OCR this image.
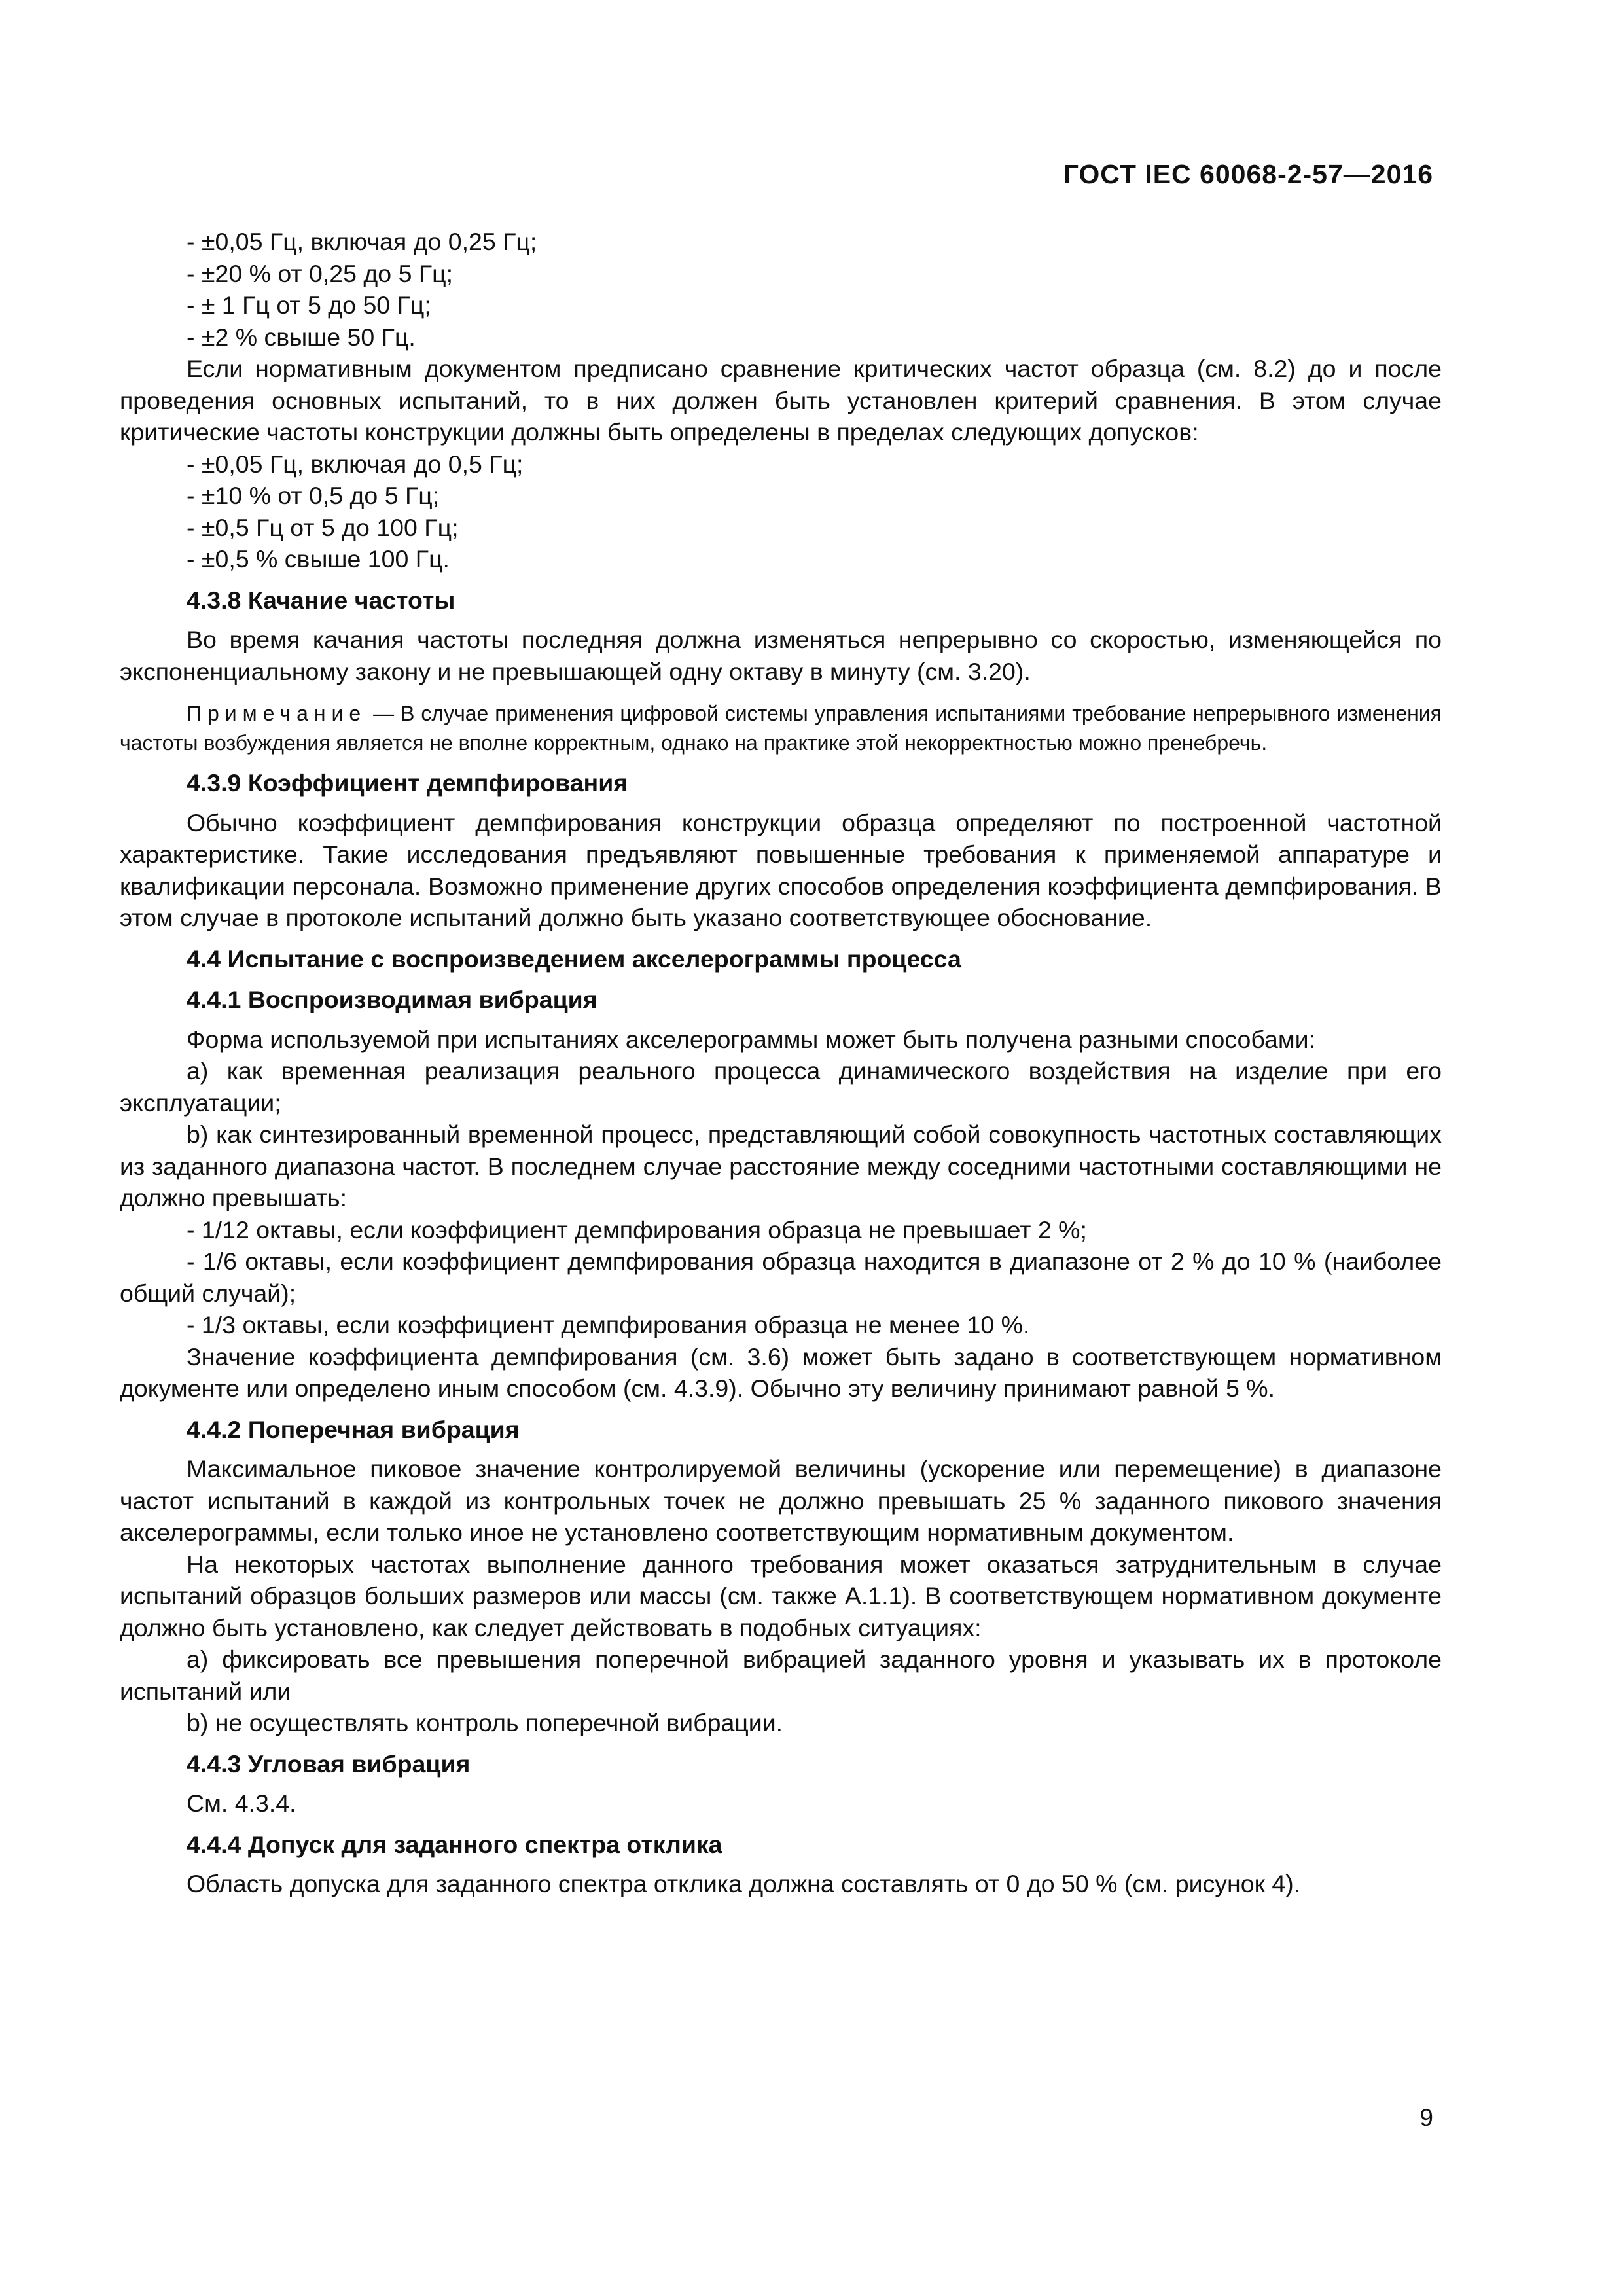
ГОСТ IEC 60068-2-57—2016

- ±0,05 Гц, включая до 0,25 Гц;

- ±20 % от 0,25 до 5 Гц;

- ± 1 Гц от 5 до 50 Гц;

- ±2 % свыше 50 Гц.

Если нормативным документом предписано сравнение критических частот образца (см. 8.2) до и после проведения основных испытаний, то в них должен быть установлен критерий сравнения. В этом случае критические частоты конструкции должны быть определены в пределах следующих допусков:

- ±0,05 Гц, включая до 0,5 Гц;

- ±10 % от 0,5 до 5 Гц;

- ±0,5 Гц от 5 до 100 Гц;

- ±0,5 % свыше 100 Гц.

4.3.8 Качание частоты

Во время качания частоты последняя должна изменяться непрерывно со скоростью, изменяющейся по экспоненциальному закону и не превышающей одну октаву в минуту (см. 3.20).

Примечание — В случае применения цифровой системы управления испытаниями требование непрерывного изменения частоты возбуждения является не вполне корректным, однако на практике этой некорректностью можно пренебречь.

4.3.9 Коэффициент демпфирования

Обычно коэффициент демпфирования конструкции образца определяют по построенной частотной характеристике. Такие исследования предъявляют повышенные требования к применяемой аппаратуре и квалификации персонала. Возможно применение других способов определения коэффициента демпфирования. В этом случае в протоколе испытаний должно быть указано соответствующее обоснование.

4.4 Испытание с воспроизведением акселерограммы процесса

4.4.1 Воспроизводимая вибрация

Форма используемой при испытаниях акселерограммы может быть получена разными способами:

а) как временная реализация реального процесса динамического воздействия на изделие при его эксплуатации;

b) как синтезированный временной процесс, представляющий собой совокупность частотных составляющих из заданного диапазона частот. В последнем случае расстояние между соседними частотными составляющими не должно превышать:

- 1/12 октавы, если коэффициент демпфирования образца не превышает 2 %;

- 1/6 октавы, если коэффициент демпфирования образца находится в диапазоне от 2 % до 10 % (наиболее общий случай);

- 1/3 октавы, если коэффициент демпфирования образца не менее 10 %.

Значение коэффициента демпфирования (см. 3.6) может быть задано в соответствующем нормативном документе или определено иным способом (см. 4.3.9). Обычно эту величину принимают равной 5 %.

4.4.2 Поперечная вибрация

Максимальное пиковое значение контролируемой величины (ускорение или перемещение) в диапазоне частот испытаний в каждой из контрольных точек не должно превышать 25 % заданного пикового значения акселерограммы, если только иное не установлено соответствующим нормативным документом.

На некоторых частотах выполнение данного требования может оказаться затруднительным в случае испытаний образцов больших размеров или массы (см. также А.1.1). В соответствующем нормативном документе должно быть установлено, как следует действовать в подобных ситуациях:

а) фиксировать все превышения поперечной вибрацией заданного уровня и указывать их в протоколе испытаний или

b) не осуществлять контроль поперечной вибрации.

4.4.3 Угловая вибрация

См. 4.3.4.

4.4.4 Допуск для заданного спектра отклика

Область допуска для заданного спектра отклика должна составлять от 0 до 50 % (см. рисунок 4).

9
